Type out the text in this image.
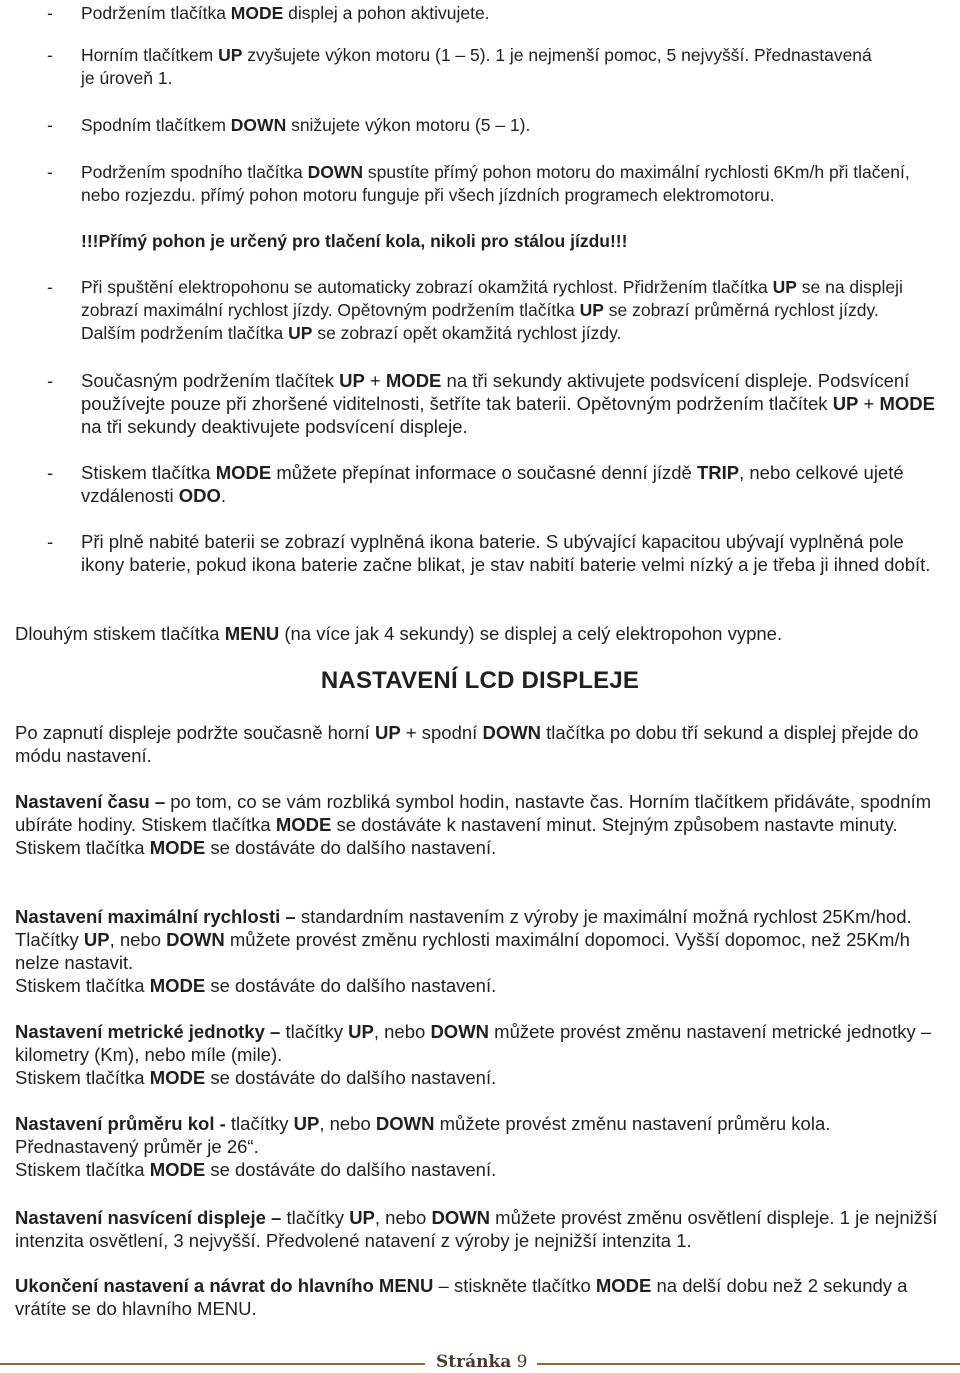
- Podržením tlačítka MODE displej a pohon aktivujete.
- Horním tlačítkem UP zvyšujete výkon motoru (1 – 5). 1 je nejmenší pomoc, 5 nejvyšší. Přednastavená je úroveň 1.
- Spodním tlačítkem DOWN snižujete výkon motoru (5 – 1).
- Podržením spodního tlačítka DOWN spustíte přímý pohon motoru do maximální rychlosti 6Km/h při tlačení, nebo rozjezdu. přímý pohon motoru funguje při všech jízdních programech elektromotoru.
!!!Přímý pohon je určený pro tlačení kola, nikoli pro stálou jízdu!!!
- Při spuštění elektropohonu se automaticky zobrazí okamžitá rychlost. Přidržením tlačítka UP se na displeji zobrazí maximální rychlost jízdy. Opětovným podržením tlačítka UP se zobrazí průměrná rychlost jízdy. Dalším podržením tlačítka UP se zobrazí opět okamžitá rychlost jízdy.
- Současným podržením tlačítek UP + MODE na tři sekundy aktivujete podsvícení displeje. Podsvícení používejte pouze při zhoršené viditelnosti, šetříte tak baterii. Opětovným podržením tlačítek UP + MODE na tři sekundy deaktivujete podsvícení displeje.
- Stiskem tlačítka MODE můžete přepínat informace o současné denní jízdě TRIP, nebo celkové ujeté vzdálenosti ODO.
- Při plně nabité baterii se zobrazí vyplněná ikona baterie. S ubývající kapacitou ubývají vyplněná pole ikony baterie, pokud ikona baterie začne blikat, je stav nabití baterie velmi nízký a je třeba ji ihned dobít.
Dlouhým stiskem tlačítka MENU (na více jak 4 sekundy) se displej a celý elektropohon vypne.
NASTAVENÍ LCD DISPLEJE
Po zapnutí displeje podržte současně horní UP + spodní DOWN tlačítka po dobu tří sekund a displej přejde do módu nastavení.
Nastavení času – po tom, co se vám rozbliká symbol hodin, nastavte čas. Horním tlačítkem přidáváte, spodním ubíráte hodiny. Stiskem tlačítka MODE se dostáváte k nastavení minut. Stejným způsobem nastavte minuty.
Stiskem tlačítka MODE se dostáváte do dalšího nastavení.
Nastavení maximální rychlosti – standardním nastavením z výroby je maximální možná rychlost 25Km/hod. Tlačítky UP, nebo DOWN můžete provést změnu rychlosti maximální dopomoci. Vyšší dopomoc, než 25Km/h nelze nastavit.
Stiskem tlačítka MODE se dostáváte do dalšího nastavení.
Nastavení metrické jednotky – tlačítky UP, nebo DOWN můžete provést změnu nastavení metrické jednotky – kilometry (Km), nebo míle (mile).
Stiskem tlačítka MODE se dostáváte do dalšího nastavení.
Nastavení průměru kol - tlačítky UP, nebo DOWN můžete provést změnu nastavení průměru kola.
Přednastavený průměr je 26“.
Stiskem tlačítka MODE se dostáváte do dalšího nastavení.
Nastavení nasvícení displeje – tlačítky UP, nebo DOWN můžete provést změnu osvětlení displeje. 1 je nejnižší intenzita osvětlení, 3 nejvyšší. Předvolené natavení z výroby je nejnižší intenzita 1.
Ukončení nastavení a návrat do hlavního MENU – stiskněte tlačítko MODE na delší dobu než 2 sekundy a vrátíte se do hlavního MENU.
Stránka 9
